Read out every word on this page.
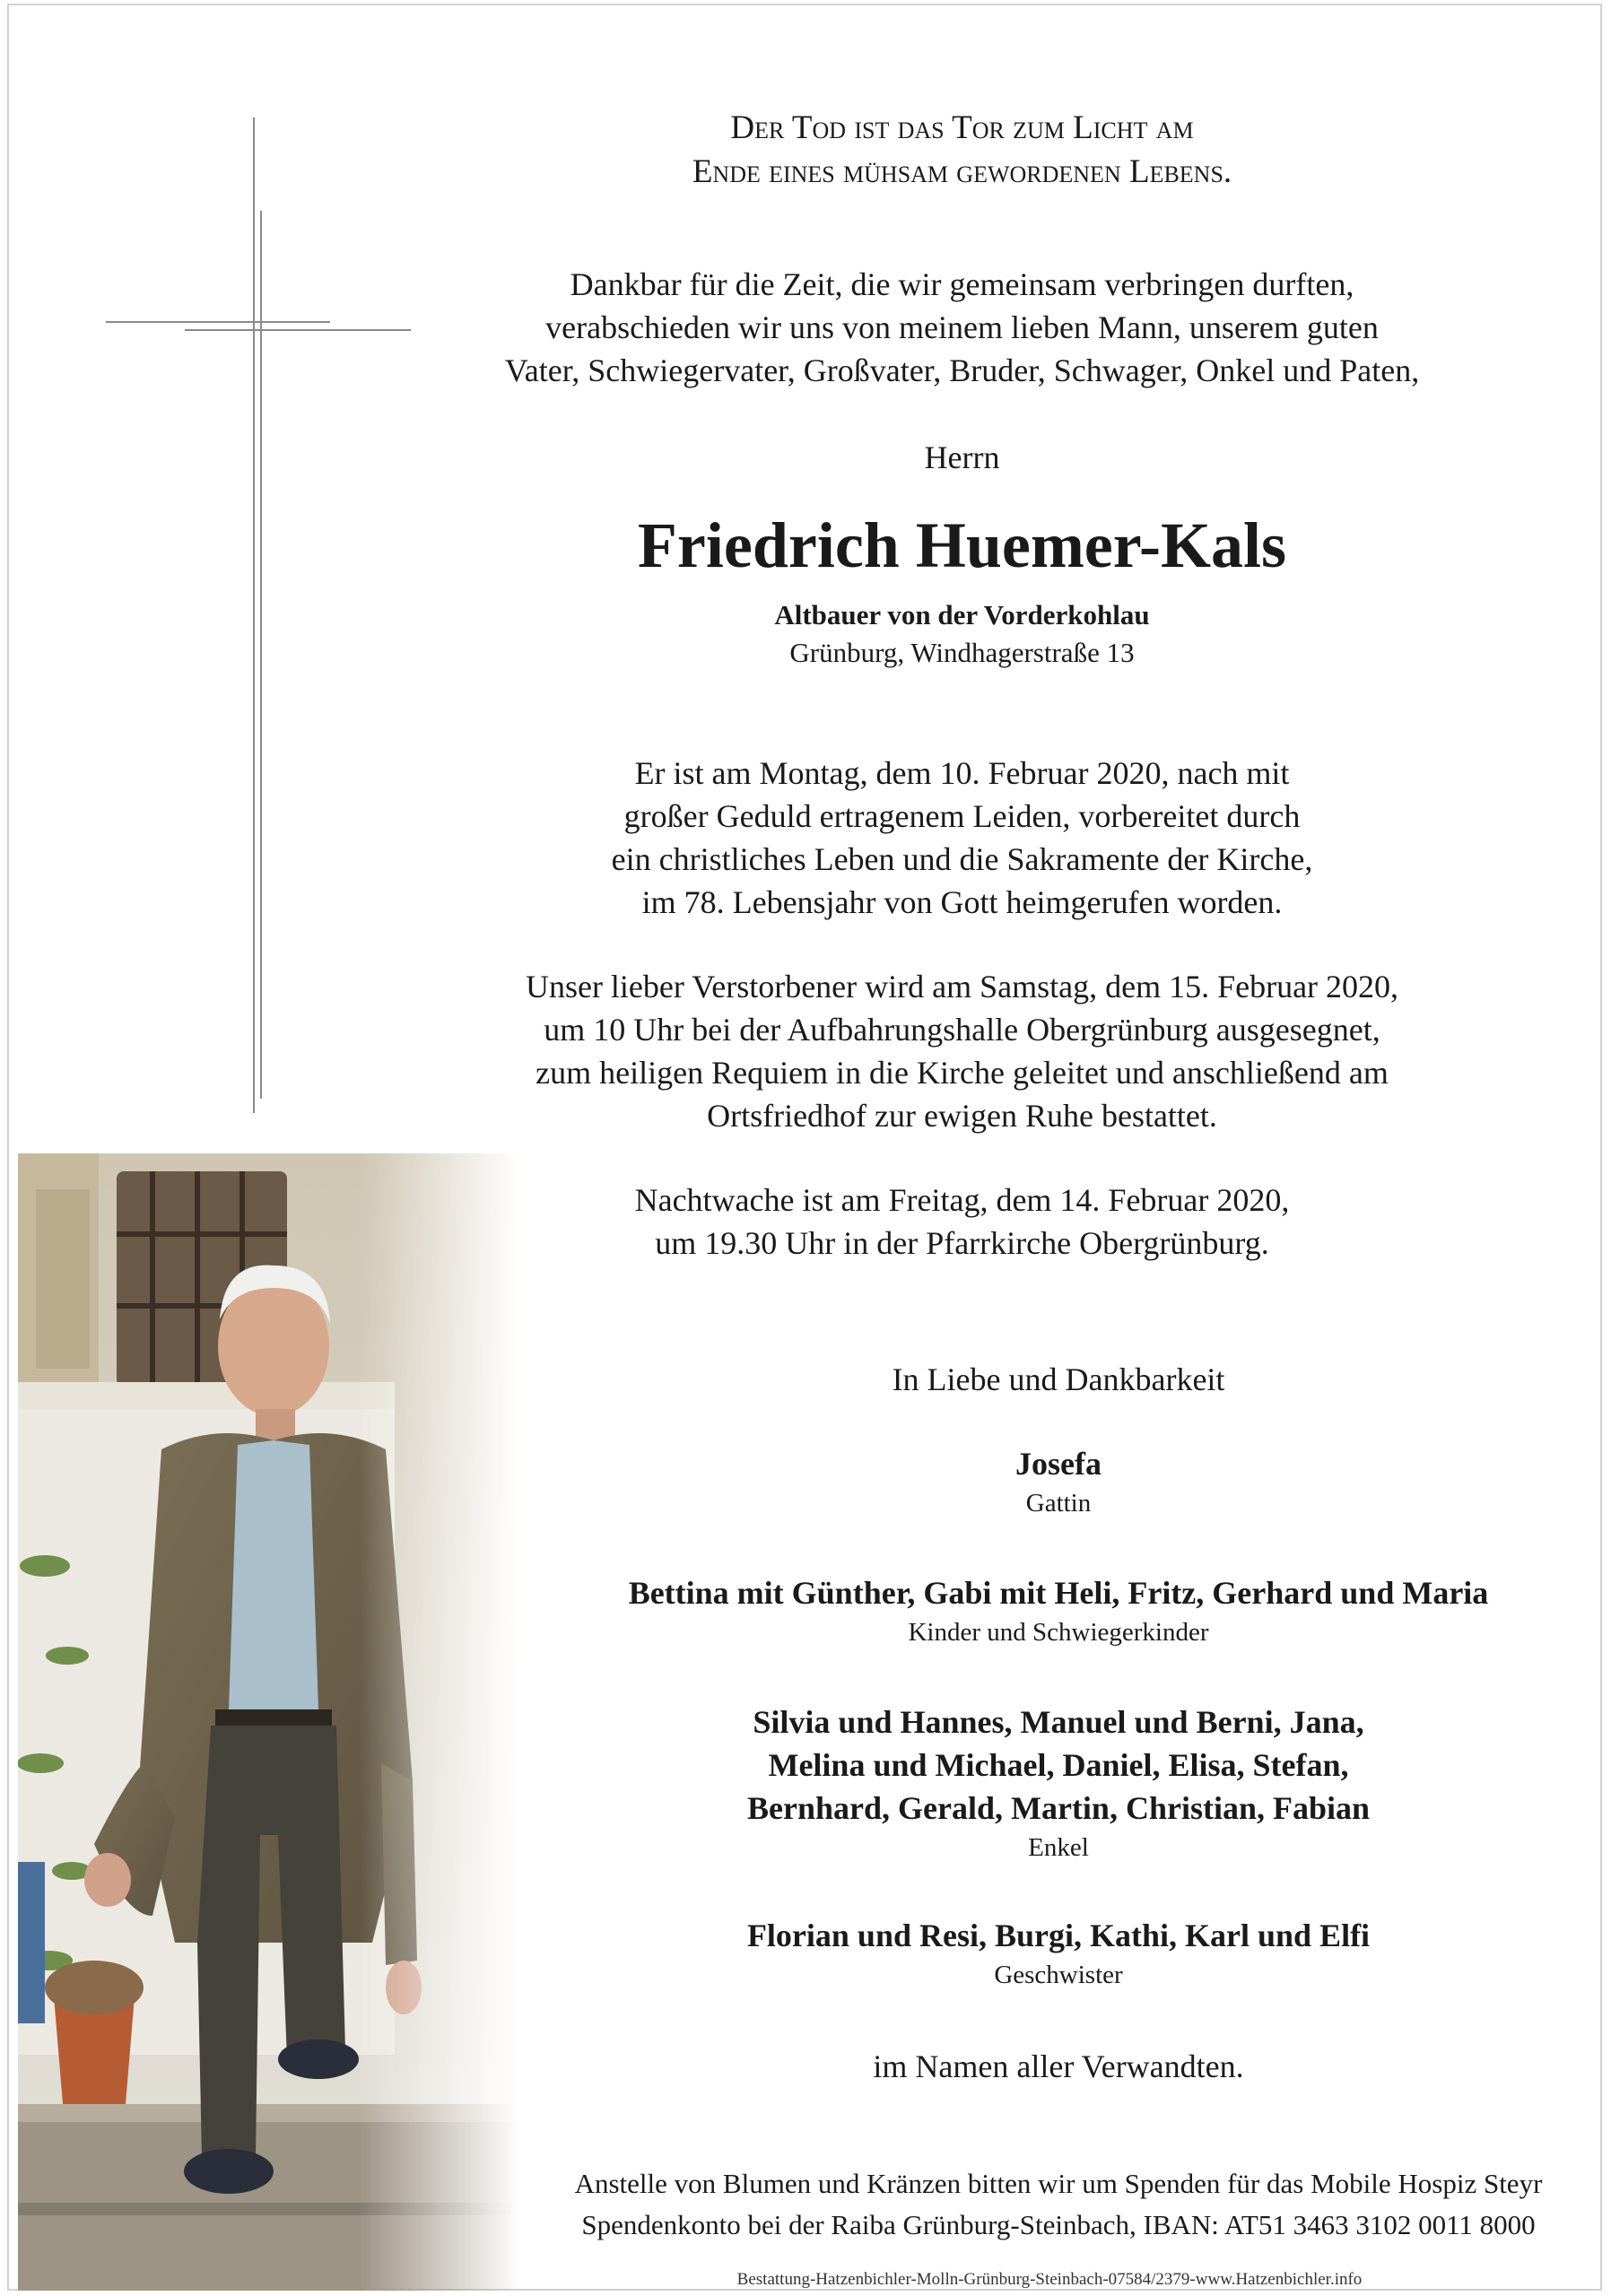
Der Tod ist das Tor zum Licht am
Ende eines mühsam gewordenen Lebens.
Dankbar für die Zeit, die wir gemeinsam verbringen durften,
verabschieden wir uns von meinem lieben Mann, unserem guten
Vater, Schwiegervater, Großvater, Bruder, Schwager, Onkel und Paten,
Herrn
Friedrich Huemer-Kals
Altbauer von der Vorderkohlau
Grünburg, Windhagerstraße 13
Er ist am Montag, dem 10. Februar 2020, nach mit
großer Geduld ertragenem Leiden, vorbereitet durch
ein christliches Leben und die Sakramente der Kirche,
im 78. Lebensjahr von Gott heimgerufen worden.
Unser lieber Verstorbener wird am Samstag, dem 15. Februar 2020,
um 10 Uhr bei der Aufbahrungshalle Obergrünburg ausgesegnet,
zum heiligen Requiem in die Kirche geleitet und anschließend am
Ortsfriedhof zur ewigen Ruhe bestattet.
Nachtwache ist am Freitag, dem 14. Februar 2020,
um 19.30 Uhr in der Pfarrkirche Obergrünburg.
In Liebe und Dankbarkeit
Josefa
Gattin
Bettina mit Günther, Gabi mit Heli, Fritz, Gerhard und Maria
Kinder und Schwiegerkinder
Silvia und Hannes, Manuel und Berni, Jana,
Melina und Michael, Daniel, Elisa, Stefan,
Bernhard, Gerald, Martin, Christian, Fabian
Enkel
Florian und Resi, Burgi, Kathi, Karl und Elfi
Geschwister
im Namen aller Verwandten.
Anstelle von Blumen und Kränzen bitten wir um Spenden für das Mobile Hospiz Steyr
Spendenkonto bei der Raiba Grünburg-Steinbach, IBAN: AT51 3463 3102 0011 8000
Bestattung-Hatzenbichler-Molln-Grünburg-Steinbach-07584/2379-www.Hatzenbichler.info
